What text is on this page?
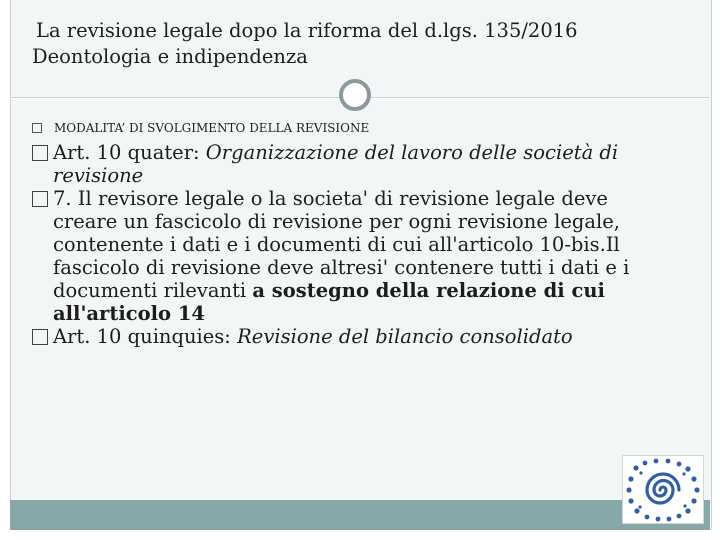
La revisione legale dopo la riforma del d.lgs. 135/2016
Deontologia e indipendenza
MODALITA’ DI SVOLGIMENTO DELLA REVISIONE
Art. 10 quater: Organizzazione del lavoro delle società di revisione
7. Il revisore legale o la societa' di revisione legale deve creare un fascicolo di revisione per ogni revisione legale, contenente i dati e i documenti di cui all'articolo 10-bis.Il fascicolo di revisione deve altresi' contenere tutti i dati e i documenti rilevanti a sostegno della relazione di cui all'articolo 14
Art. 10 quinquies: Revisione del bilancio consolidato
